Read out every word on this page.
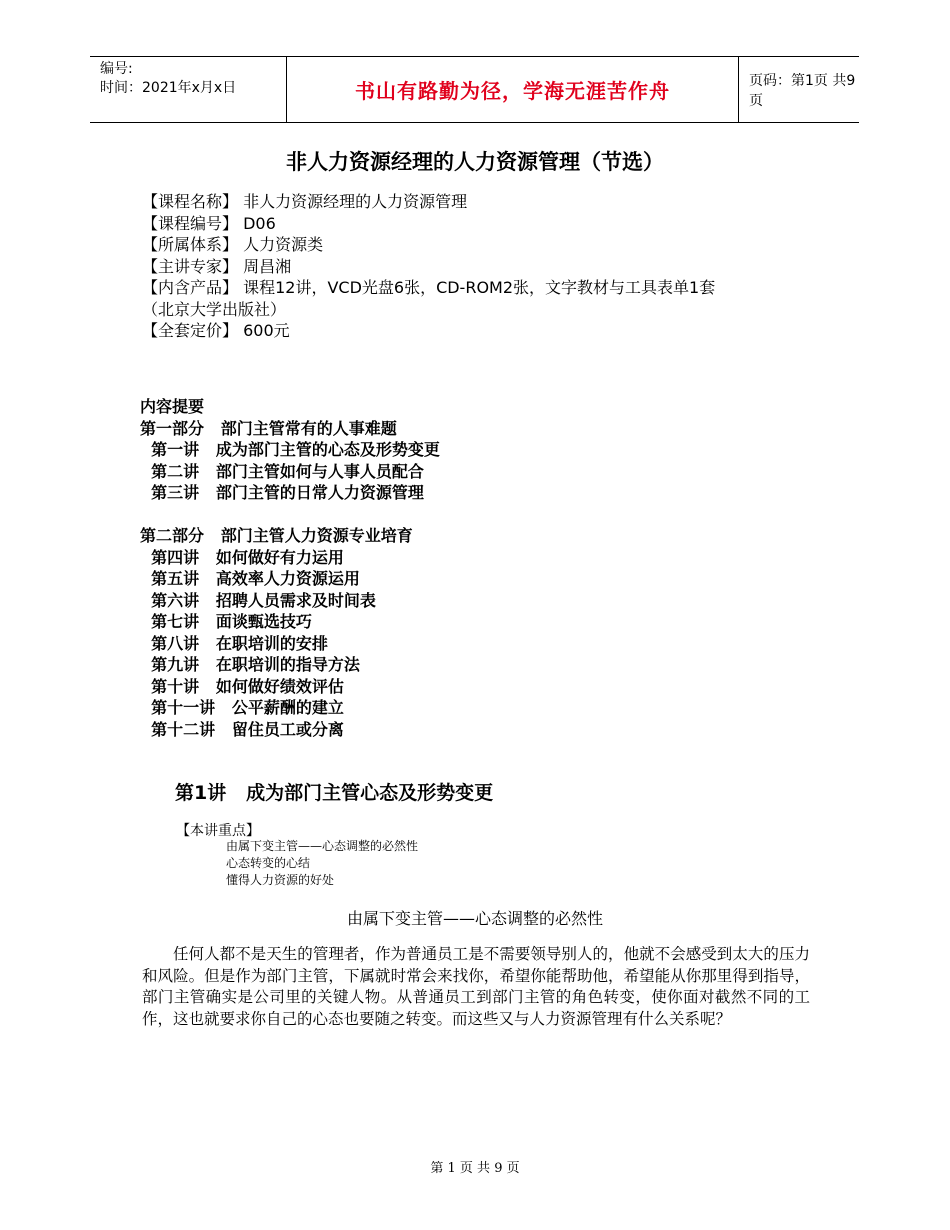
编号:
时间：2021年x月x日	书山有路勤为径，学海无涯苦作舟	页码：第1页 共9页
非人力资源经理的人力资源管理（节选）
【课程名称】 非人力资源经理的人力资源管理
【课程编号】 D06
【所属体系】 人力资源类
【主讲专家】 周昌湘
【内含产品】 课程12讲，VCD光盘6张，CD-ROM2张，文字教材与工具表单1套
（北京大学出版社）
【全套定价】 600元
内容提要
第一部分   部门主管常有的人事难题
第一讲   成为部门主管的心态及形势变更
第二讲   部门主管如何与人事人员配合
第三讲   部门主管的日常人力资源管理
第二部分   部门主管人力资源专业培育
第四讲   如何做好有力运用
第五讲   高效率人力资源运用
第六讲   招聘人员需求及时间表
第七讲   面谈甄选技巧
第八讲   在职培训的安排
第九讲   在职培训的指导方法
第十讲   如何做好绩效评估
第十一讲   公平薪酬的建立
第十二讲   留住员工或分离
第1讲   成为部门主管心态及形势变更
【本讲重点】
由属下变主管——心态调整的必然性
心态转变的心结
懂得人力资源的好处
由属下变主管——心态调整的必然性
任何人都不是天生的管理者，作为普通员工是不需要领导别人的，他就不会感受到太大的压力和风险。但是作为部门主管，下属就时常会来找你，希望你能帮助他，希望能从你那里得到指导，部门主管确实是公司里的关键人物。从普通员工到部门主管的角色转变，使你面对截然不同的工作，这也就要求你自己的心态也要随之转变。而这些又与人力资源管理有什么关系呢？
第 1 页 共 9 页
